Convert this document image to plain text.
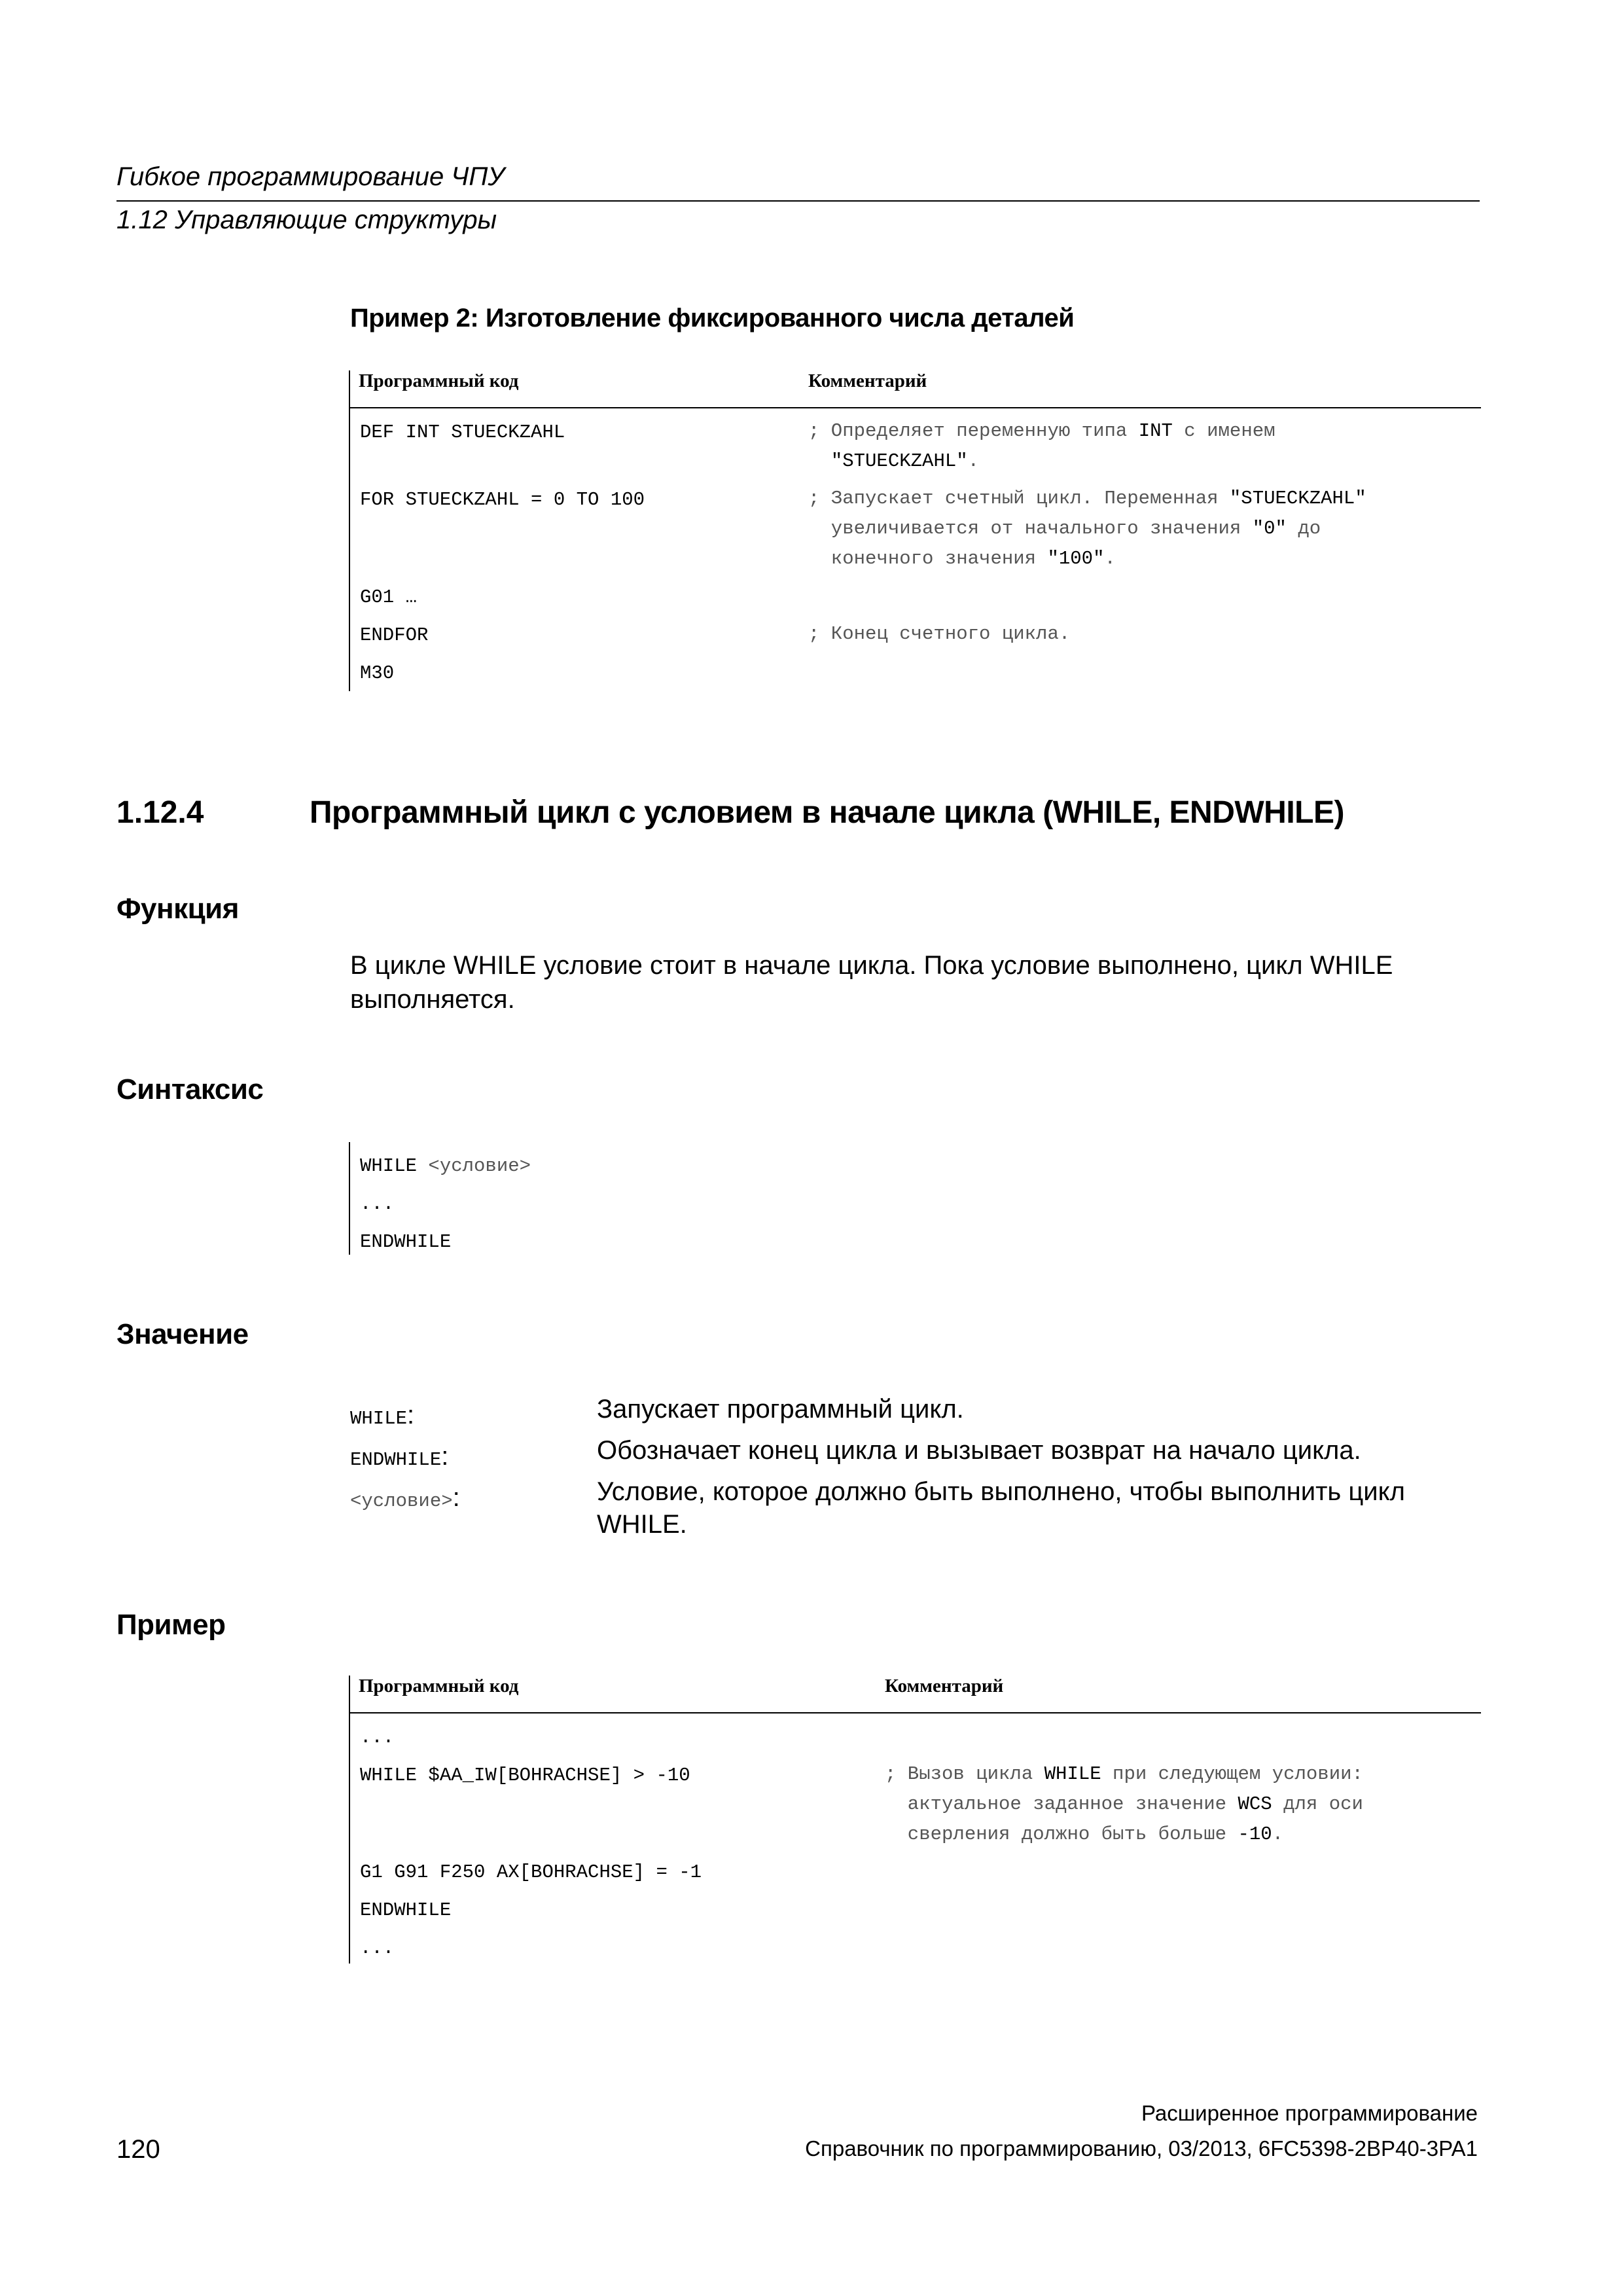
Гибкое программирование ЧПУ
1.12 Управляющие структуры
Пример 2: Изготовление фиксированного числа деталей
Программный код	Комментарий
DEF INT STUECKZAHL	; Определяет переменную типа INT с именем
"STUECKZAHL".
FOR STUECKZAHL = 0 TO 100	; Запускает счетный цикл. Переменная "STUECKZAHL"
увеличивается от начального значения "0" до
конечного значения "100".
G01 …
ENDFOR	; Конец счетного цикла.
M30
1.12.4	Программный цикл с условием в начале цикла (WHILE, ENDWHILE)
Функция
В цикле WHILE условие стоит в начале цикла. Пока условие выполнено, цикл WHILE выполняется.
Синтаксис
WHILE <условие>
...
ENDWHILE
Значение
WHILE:	Запускает программный цикл.
ENDWHILE:	Обозначает конец цикла и вызывает возврат на начало цикла.
<условие>:	Условие, которое должно быть выполнено, чтобы выполнить цикл WHILE.
Пример
Программный код	Комментарий
...
WHILE $AA_IW[BOHRACHSE] > -10	; Вызов цикла WHILE при следующем условии:
актуальное заданное значение WCS для оси
сверления должно быть больше -10.
G1 G91 F250 AX[BOHRACHSE] = -1
ENDWHILE
...
Расширенное программирование
120	Справочник по программированию, 03/2013, 6FC5398-2BP40-3PA1
